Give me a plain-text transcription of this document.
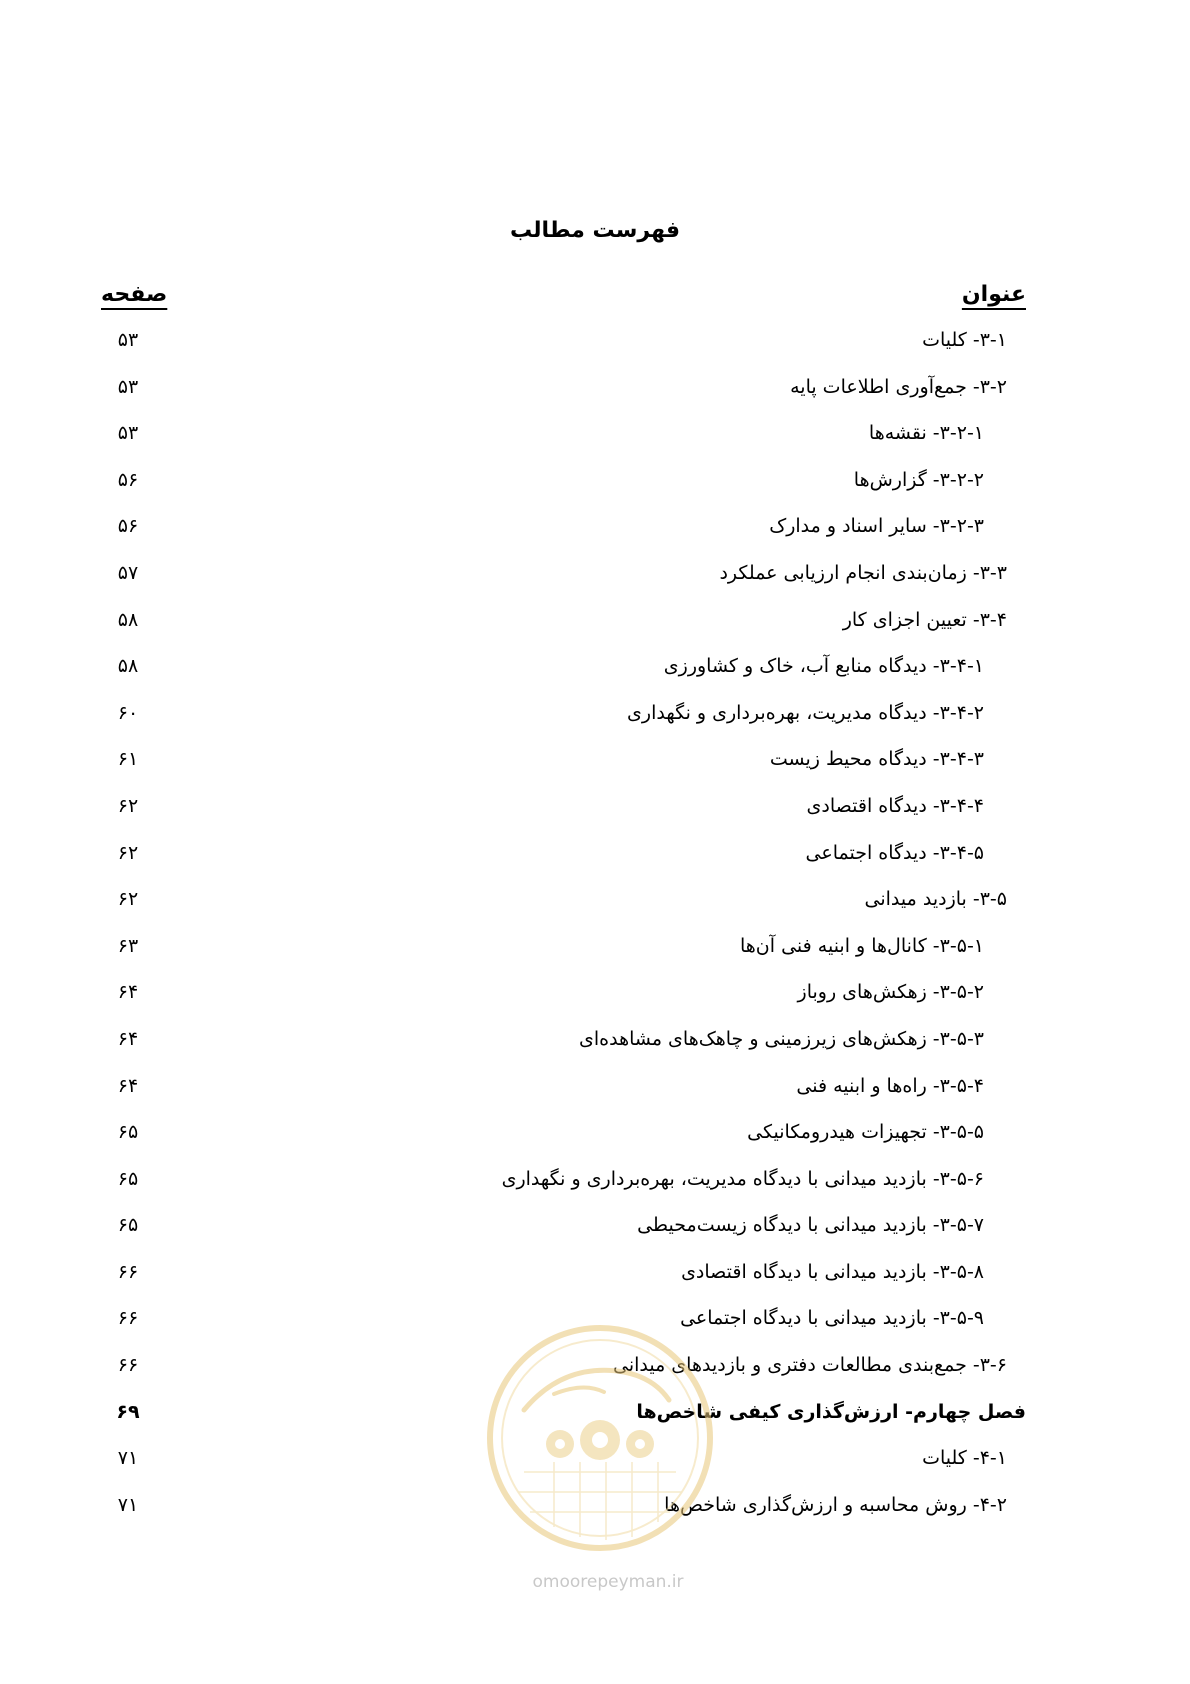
فهرست مطالب
عنوان
صفحه
۳-۱- کلیات
۵۳
۳-۲- جمع‌آوری اطلاعات پایه
۵۳
۳-۲-۱- نقشه‌ها
۵۳
۳-۲-۲- گزارش‌ها
۵۶
۳-۲-۳- سایر اسناد و مدارک
۵۶
۳-۳- زمان‌بندی انجام ارزیابی عملکرد
۵۷
۳-۴- تعیین اجزای کار
۵۸
۳-۴-۱- دیدگاه منابع آب، خاک و کشاورزی
۵۸
۳-۴-۲- دیدگاه مدیریت، بهره‌برداری و نگهداری
۶۰
۳-۴-۳- دیدگاه محیط زیست
۶۱
۳-۴-۴- دیدگاه اقتصادی
۶۲
۳-۴-۵- دیدگاه اجتماعی
۶۲
۳-۵- بازدید میدانی
۶۲
۳-۵-۱- کانال‌ها و ابنیه فنی آن‌ها
۶۳
۳-۵-۲- زهکش‌های روباز
۶۴
۳-۵-۳- زهکش‌های زیرزمینی و چاهک‌های مشاهده‌ای
۶۴
۳-۵-۴- راه‌ها و ابنیه فنی
۶۴
۳-۵-۵- تجهیزات هیدرومکانیکی
۶۵
۳-۵-۶- بازدید میدانی با دیدگاه مدیریت، بهره‌برداری و نگهداری
۶۵
۳-۵-۷- بازدید میدانی با دیدگاه زیست‌محیطی
۶۵
۳-۵-۸- بازدید میدانی با دیدگاه اقتصادی
۶۶
۳-۵-۹- بازدید میدانی با دیدگاه اجتماعی
۶۶
۳-۶- جمع‌بندی مطالعات دفتری و بازدیدهای میدانی
۶۶
فصل چهارم- ارزش‌گذاری کیفی شاخص‌ها
۶۹
۴-۱- کلیات
۷۱
۴-۲- روش محاسبه و ارزش‌گذاری شاخص‌ها
۷۱
omoorepeyman.ir
